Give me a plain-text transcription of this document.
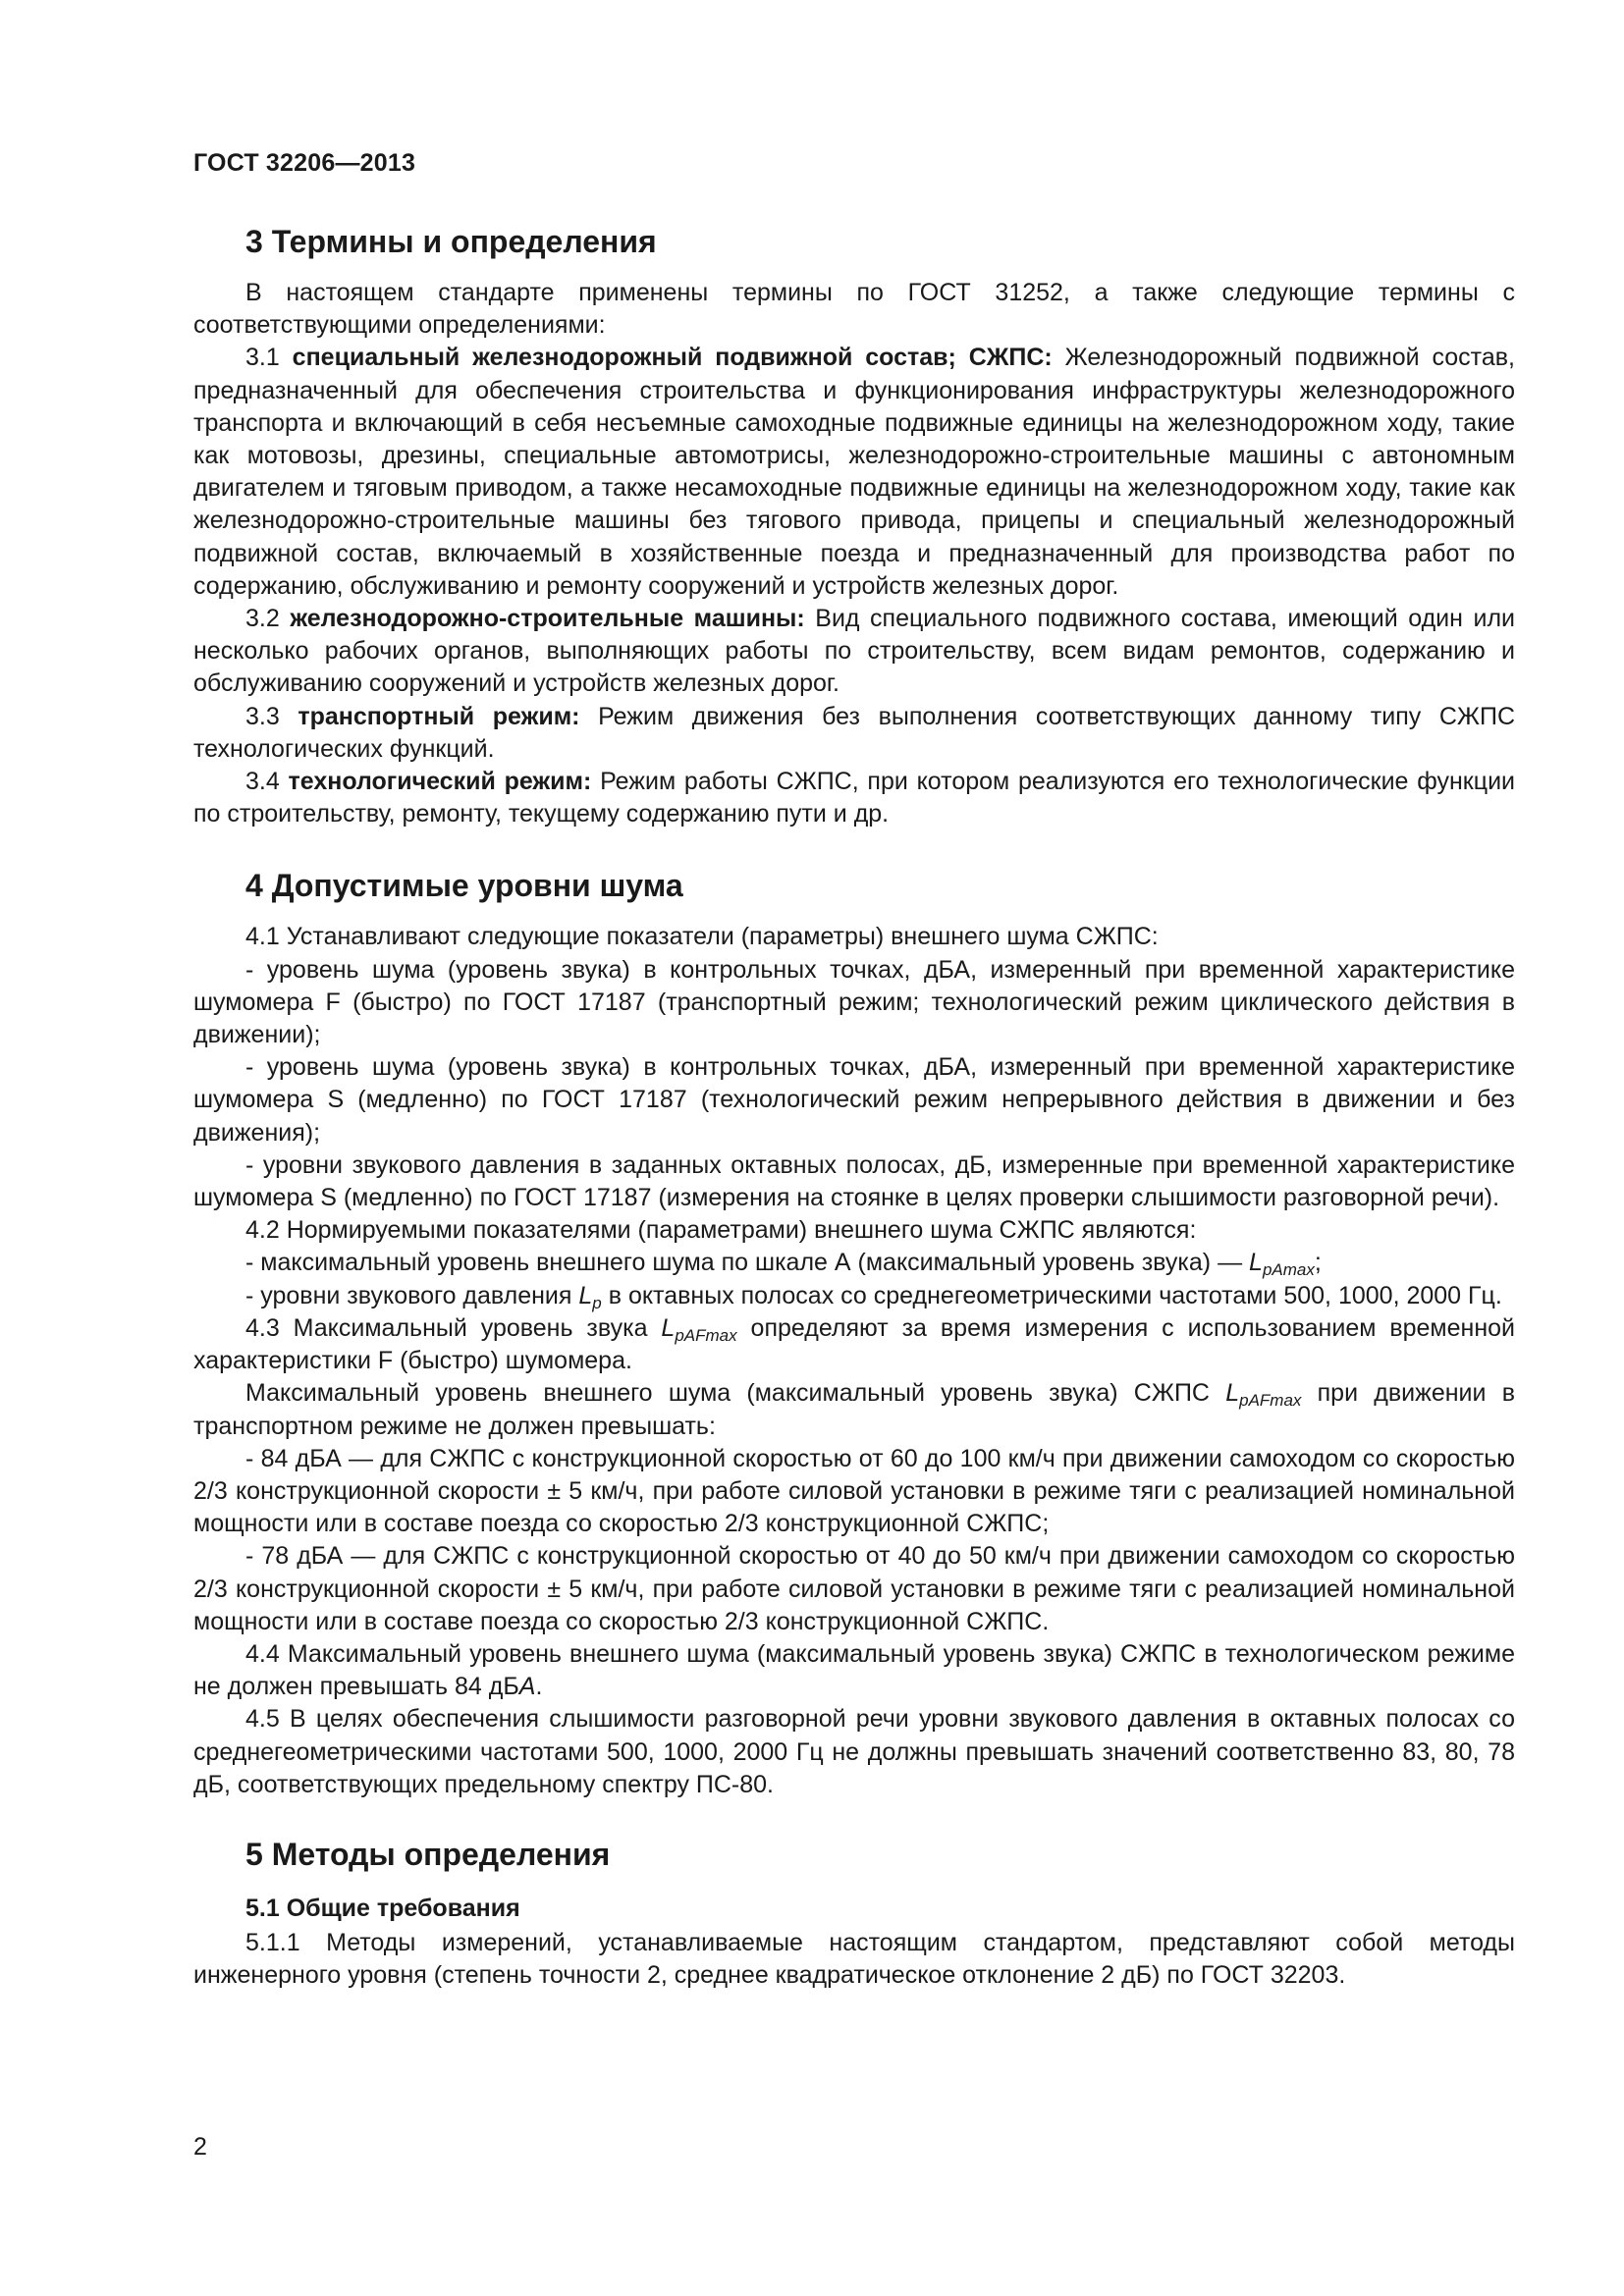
ГОСТ 32206—2013
3 Термины и определения

В настоящем стандарте применены термины по ГОСТ 31252, а также следующие термины с соответствующими определениями:

3.1 специальный железнодорожный подвижной состав; СЖПС: Железнодорожный подвижной состав, предназначенный для обеспечения строительства и функционирования инфраструктуры железнодорожного транспорта и включающий в себя несъемные самоходные подвижные единицы на железнодорожном ходу, такие как мотовозы, дрезины, специальные автомотрисы, железнодорожно-строительные машины с автономным двигателем и тяговым приводом, а также несамоходные подвижные единицы на железнодорожном ходу, такие как железнодорожно-строительные машины без тягового привода, прицепы и специальный железнодорожный подвижной состав, включаемый в хозяйственные поезда и предназначенный для производства работ по содержанию, обслуживанию и ремонту сооружений и устройств железных дорог.

3.2 железнодорожно-строительные машины: Вид специального подвижного состава, имеющий один или несколько рабочих органов, выполняющих работы по строительству, всем видам ремонтов, содержанию и обслуживанию сооружений и устройств железных дорог.

3.3 транспортный режим: Режим движения без выполнения соответствующих данному типу СЖПС технологических функций.

3.4 технологический режим: Режим работы СЖПС, при котором реализуются его технологические функции по строительству, ремонту, текущему содержанию пути и др.

4 Допустимые уровни шума

4.1 Устанавливают следующие показатели (параметры) внешнего шума СЖПС:

- уровень шума (уровень звука) в контрольных точках, дБА, измеренный при временной характеристике шумомера F (быстро) по ГОСТ 17187 (транспортный режим; технологический режим циклического действия в движении);

- уровень шума (уровень звука) в контрольных точках, дБА, измеренный при временной характеристике шумомера S (медленно) по ГОСТ 17187 (технологический режим непрерывного действия в движении и без движения);

- уровни звукового давления в заданных октавных полосах, дБ, измеренные при временной характеристике шумомера S (медленно) по ГОСТ 17187 (измерения на стоянке в целях проверки слышимости разговорной речи).

4.2 Нормируемыми показателями (параметрами) внешнего шума СЖПС являются:

- максимальный уровень внешнего шума по шкале А (максимальный уровень звука) — $L_{pAmax}$;

- уровни звукового давления $L_p$ в октавных полосах со среднегеометрическими частотами 500, 1000, 2000 Гц.

4.3 Максимальный уровень звука $L_{pAFmax}$ определяют за время измерения с использованием временной характеристики F (быстро) шумомера.

Максимальный уровень внешнего шума (максимальный уровень звука) СЖПС $L_{pAFmax}$ при движении в транспортном режиме не должен превышать:

- 84 дБА — для СЖПС с конструкционной скоростью от 60 до 100 км/ч при движении самоходом со скоростью 2/3 конструкционной скорости ± 5 км/ч, при работе силовой установки в режиме тяги с реализацией номинальной мощности или в составе поезда со скоростью 2/3 конструкционной СЖПС;

- 78 дБА — для СЖПС с конструкционной скоростью от 40 до 50 км/ч при движении самоходом со скоростью 2/3 конструкционной скорости ± 5 км/ч, при работе силовой установки в режиме тяги с реализацией номинальной мощности или в составе поезда со скоростью 2/3 конструкционной СЖПС.

4.4 Максимальный уровень внешнего шума (максимальный уровень звука) СЖПС в технологическом режиме не должен превышать 84 дБА.

4.5 В целях обеспечения слышимости разговорной речи уровни звукового давления в октавных полосах со среднегеометрическими частотами 500, 1000, 2000 Гц не должны превышать значений соответственно 83, 80, 78 дБ, соответствующих предельному спектру ПС-80.

5 Методы определения
5.1 Общие требования

5.1.1 Методы измерений, устанавливаемые настоящим стандартом, представляют собой методы инженерного уровня (степень точности 2, среднее квадратическое отклонение 2 дБ) по ГОСТ 32203.

2
